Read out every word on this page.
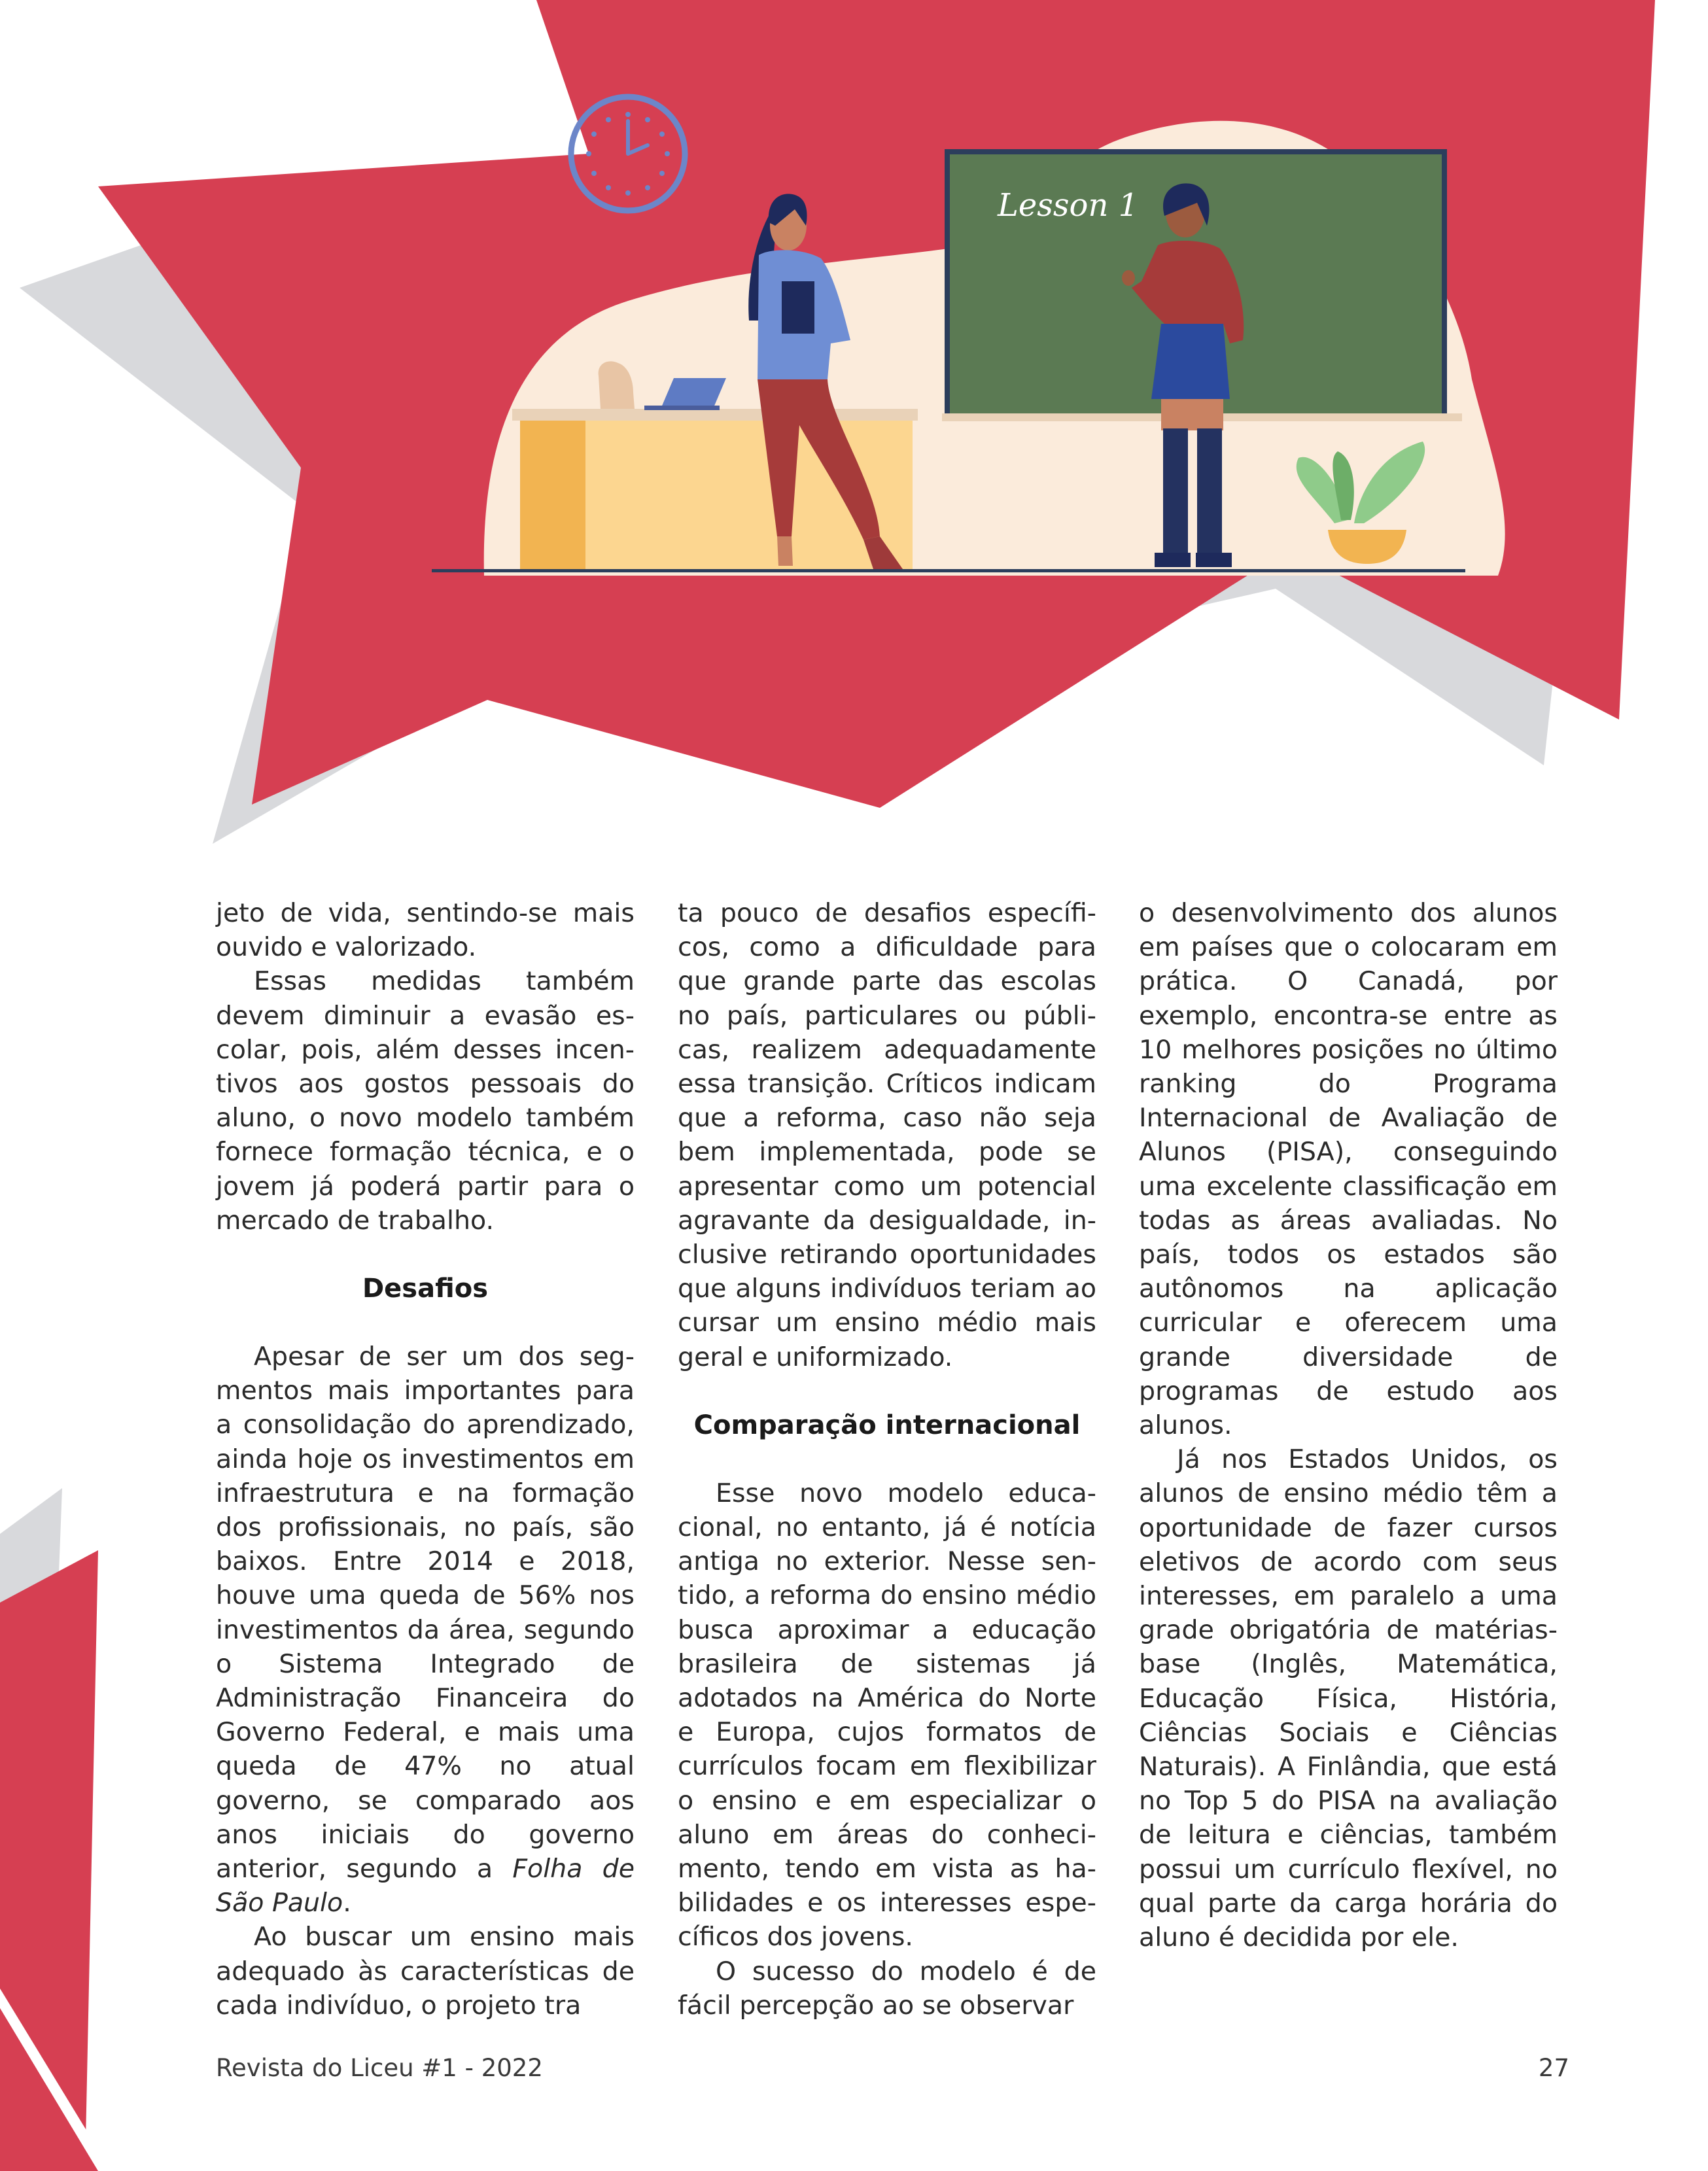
Lesson 1

jeto de vida, sentindo-se mais ouvido e valorizado.

Essas medidas também devem diminuir a evasão escolar, pois, além desses incentivos aos gostos pessoais do aluno, o novo modelo também fornece formação técnica, e o jovem já poderá partir para o mercado de trabalho.

Desafios

Apesar de ser um dos segmentos mais importantes para a consolidação do aprendizado, ainda hoje os investimentos em infraestrutura e na formação dos profissionais, no país, são baixos. Entre 2014 e 2018, houve uma queda de 56% nos investimentos da área, segundo o Sistema Integrado de Administração Financeira do Governo Federal, e mais uma queda de 47% no atual governo, se comparado aos anos iniciais do governo anterior, segundo a Folha de São Paulo.

Ao buscar um ensino mais adequado às características de cada indivíduo, o projeto tra

ta pouco de desafios específicos, como a dificuldade para que grande parte das escolas no país, particulares ou públicas, realizem adequadamente essa transição. Críticos indicam que a reforma, caso não seja bem implementada, pode se apresentar como um potencial agravante da desigualdade, inclusive retirando oportunidades que alguns indivíduos teriam ao cursar um ensino médio mais geral e uniformizado.

Comparação internacional

Esse novo modelo educacional, no entanto, já é notícia antiga no exterior. Nesse sentido, a reforma do ensino médio busca aproximar a educação brasileira de sistemas já adotados na América do Norte e Europa, cujos formatos de currículos focam em flexibilizar o ensino e em especializar o aluno em áreas do conhecimento, tendo em vista as habilidades e os interesses específicos dos jovens.

O sucesso do modelo é de fácil percepção ao se observar

o desenvolvimento dos alunos em países que o colocaram em prática. O Canadá, por exemplo, encontra-se entre as 10 melhores posições no último ranking do Programa Internacional de Avaliação de Alunos (PISA), conseguindo uma excelente classificação em todas as áreas avaliadas. No país, todos os estados são autônomos na aplicação curricular e oferecem uma grande diversidade de programas de estudo aos alunos.

Já nos Estados Unidos, os alunos de ensino médio têm a oportunidade de fazer cursos eletivos de acordo com seus interesses, em paralelo a uma grade obrigatória de matérias-base (Inglês, Matemática, Educação Física, História, Ciências Sociais e Ciências Naturais). A Finlândia, que está no Top 5 do PISA na avaliação de leitura e ciências, também possui um currículo flexível, no qual parte da carga horária do aluno é decidida por ele.

Revista do Liceu #1 - 2022	27
